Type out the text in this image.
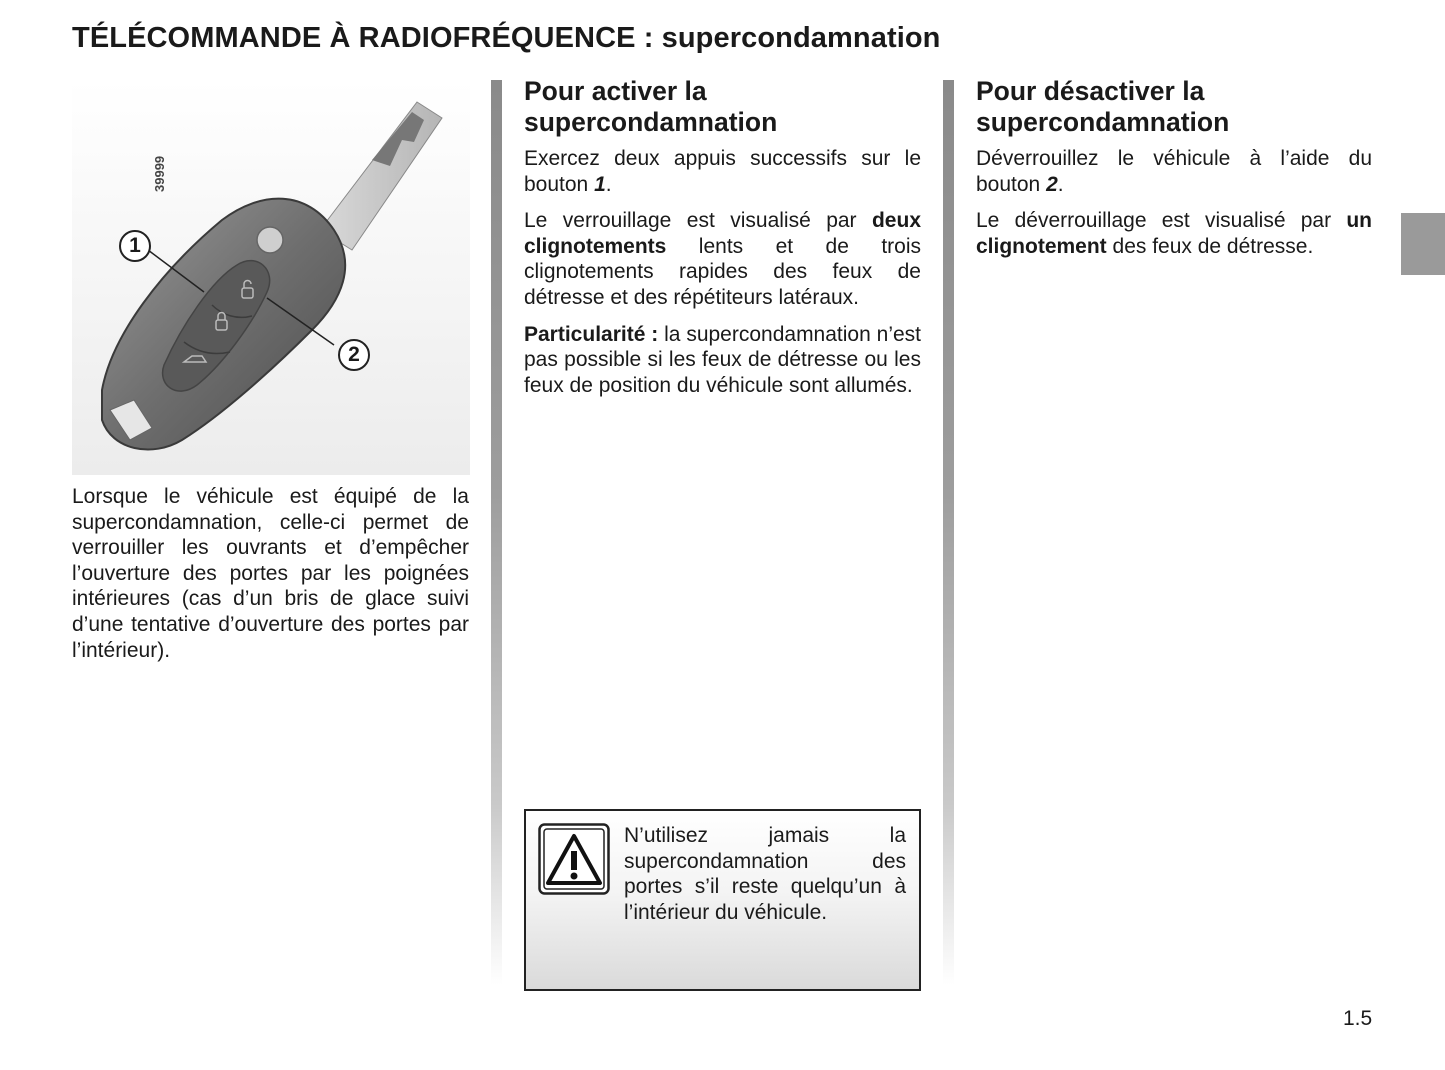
TÉLÉCOMMANDE À RADIOFRÉQUENCE : supercondamnation
39999
1
2

Lorsque le véhicule est équipé de la supercondamnation, celle-ci permet de verrouiller les ouvrants et d’empêcher l’ouverture des portes par les poignées intérieures (cas d’un bris de glace suivi d’une tentative d’ouverture des portes par l’intérieur).

Pour activer la supercondamnation

Exercez deux appuis successifs sur le bouton 1.

Le verrouillage est visualisé par deux clignotements lents et de trois clignotements rapides des feux de détresse et des répétiteurs latéraux.

Particularité : la supercondamnation n’est pas possible si les feux de détresse ou les feux de position du véhicule sont allumés.

N’utilisez jamais la supercondamnation des portes s’il reste quelqu’un à l’intérieur du véhicule.

Pour désactiver la supercondamnation

Déverrouillez le véhicule à l’aide du bouton 2.

Le déverrouillage est visualisé par un clignotement des feux de détresse.

1.5
